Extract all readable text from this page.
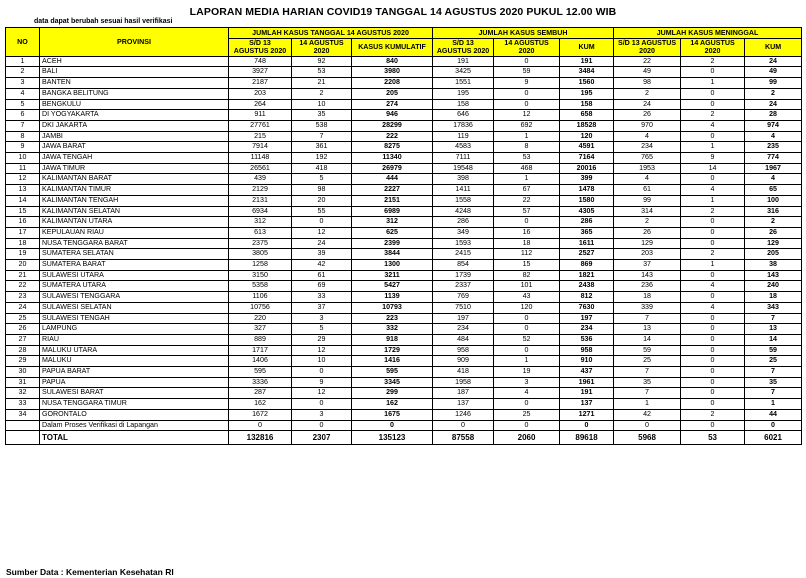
LAPORAN MEDIA HARIAN COVID19 TANGGAL 14 AGUSTUS 2020 PUKUL 12.00 WIB
data dapat berubah sesuai hasil verifikasi
NO	PROVINSI	JUMLAH KASUS TANGGAL 14 AGUSTUS 2020			JUMLAH KASUS SEMBUH			JUMLAH KASUS MENINGGAL		
		S/D 13 AGUSTUS 2020	14 AGUSTUS 2020	KASUS KUMULATIF	S/D 13 AGUSTUS 2020	14 AGUSTUS 2020	KUM	S/D 13 AGUSTUS 2020	14 AGUSTUS 2020	KUM
1	ACEH	748	92	840	191	0	191	22	2	24
2	BALI	3927	53	3980	3425	59	3484	49	0	49
3	BANTEN	2187	21	2208	1551	9	1560	98	1	99
4	BANGKA BELITUNG	203	2	205	195	0	195	2	0	2
5	BENGKULU	264	10	274	158	0	158	24	0	24
6	DI YOGYAKARTA	911	35	946	646	12	658	26	2	28
7	DKI JAKARTA	27761	538	28299	17836	692	18528	970	4	974
8	JAMBI	215	7	222	119	1	120	4	0	4
9	JAWA BARAT	7914	361	8275	4583	8	4591	234	1	235
10	JAWA TENGAH	11148	192	11340	7111	53	7164	765	9	774
11	JAWA TIMUR	26561	418	26979	19548	468	20016	1953	14	1967
12	KALIMANTAN BARAT	439	5	444	398	1	399	4	0	4
13	KALIMANTAN TIMUR	2129	98	2227	1411	67	1478	61	4	65
14	KALIMANTAN TENGAH	2131	20	2151	1558	22	1580	99	1	100
15	KALIMANTAN SELATAN	6934	55	6989	4248	57	4305	314	2	316
16	KALIMANTAN UTARA	312	0	312	286	0	286	2	0	2
17	KEPULAUAN RIAU	613	12	625	349	16	365	26	0	26
18	NUSA TENGGARA BARAT	2375	24	2399	1593	18	1611	129	0	129
19	SUMATERA SELATAN	3805	39	3844	2415	112	2527	203	2	205
20	SUMATERA BARAT	1258	42	1300	854	15	869	37	1	38
21	SULAWESI UTARA	3150	61	3211	1739	82	1821	143	0	143
22	SUMATERA UTARA	5358	69	5427	2337	101	2438	236	4	240
23	SULAWESI TENGGARA	1106	33	1139	769	43	812	18	0	18
24	SULAWESI SELATAN	10756	37	10793	7510	120	7630	339	4	343
25	SULAWESI TENGAH	220	3	223	197	0	197	7	0	7
26	LAMPUNG	327	5	332	234	0	234	13	0	13
27	RIAU	889	29	918	484	52	536	14	0	14
28	MALUKU UTARA	1717	12	1729	958	0	958	59	0	59
29	MALUKU	1406	10	1416	909	1	910	25	0	25
30	PAPUA BARAT	595	0	595	418	19	437	7	0	7
31	PAPUA	3336	9	3345	1958	3	1961	35	0	35
32	SULAWESI BARAT	287	12	299	187	4	191	7	0	7
33	NUSA TENGGARA TIMUR	162	0	162	137	0	137	1	0	1
34	GORONTALO	1672	3	1675	1246	25	1271	42	2	44
	Dalam Proses Verifikasi di Lapangan	0	0	0	0	0	0	0	0	0
	TOTAL	132816	2307	135123	87558	2060	89618	5968	53	6021
Sumber Data : Kementerian Kesehatan RI
